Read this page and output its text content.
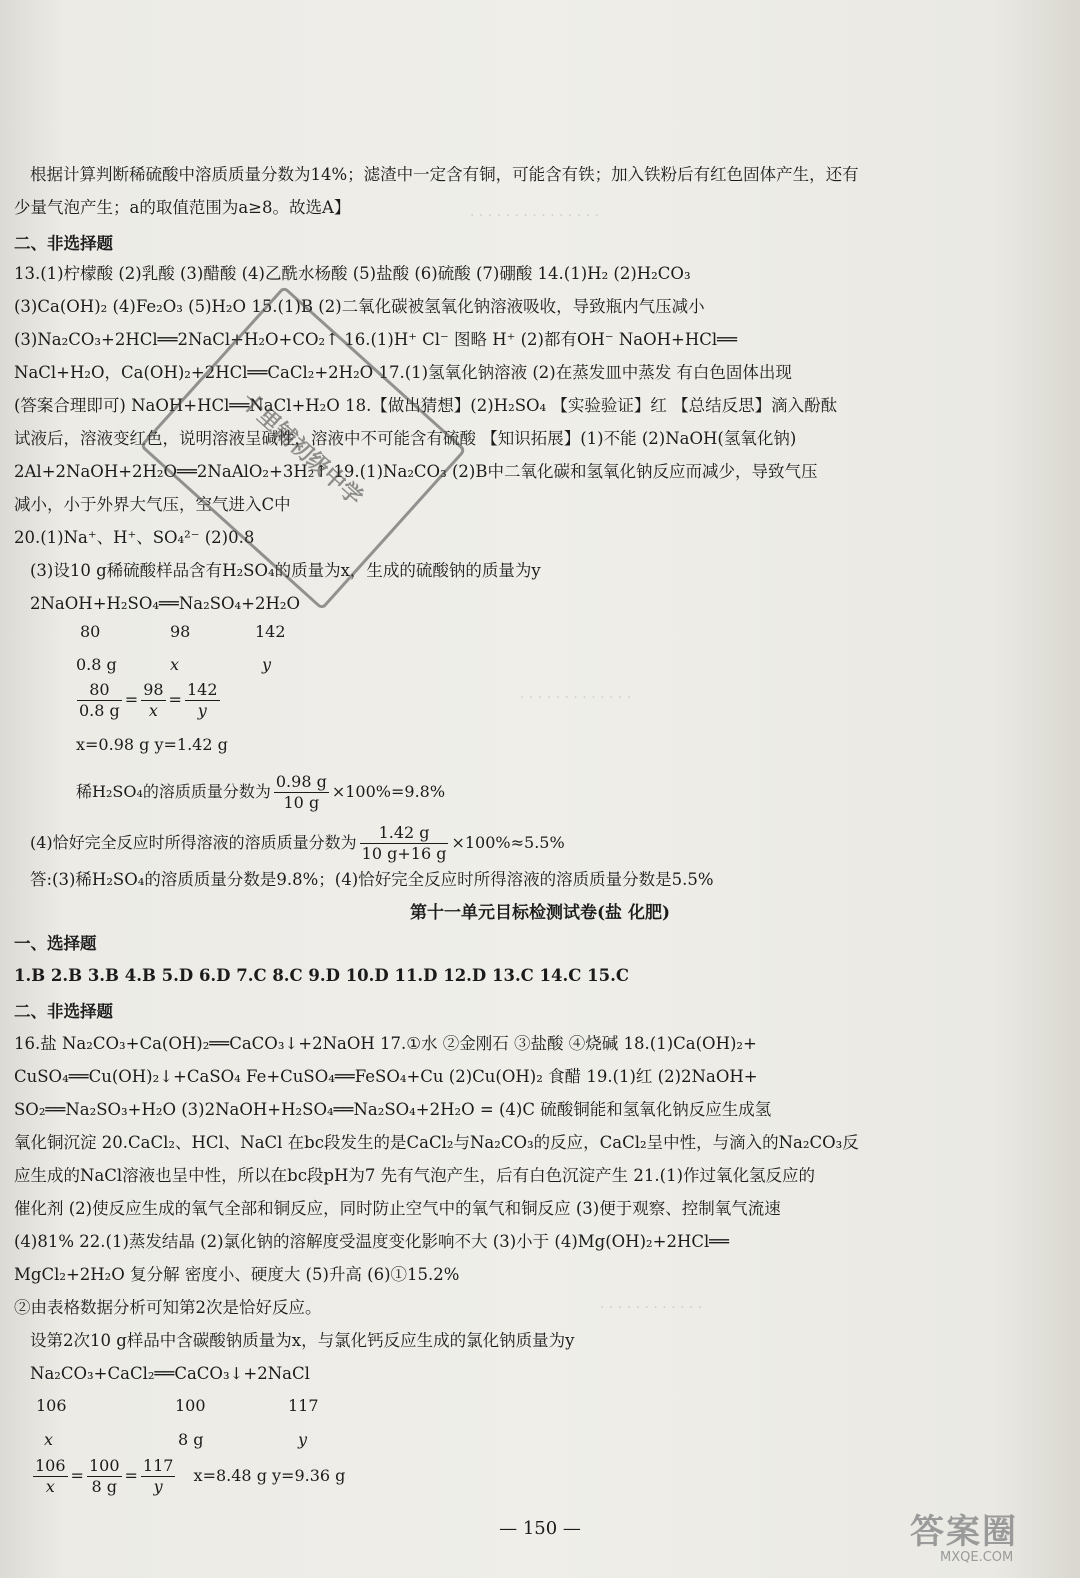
· · · · · · · · · · · · · · ·
· · · · · · · · · · · · ·
· · · · · · · · · · · ·
根据计算判断稀硫酸中溶质质量分数为14%；滤渣中一定含有铜，可能含有铁；加入铁粉后有红色固体产生，还有
少量气泡产生；a的取值范围为a≥8。故选A】
二、非选择题
13.(1)柠檬酸 (2)乳酸 (3)醋酸 (4)乙酰水杨酸 (5)盐酸 (6)硫酸 (7)硼酸 14.(1)H₂ (2)H₂CO₃
(3)Ca(OH)₂ (4)Fe₂O₃ (5)H₂O 15.(1)B (2)二氧化碳被氢氧化钠溶液吸收，导致瓶内气压减小
(3)Na₂CO₃+2HCl══2NaCl+H₂O+CO₂↑ 16.(1)H⁺ Cl⁻ 图略 H⁺ (2)都有OH⁻ NaOH+HCl══
NaCl+H₂O，Ca(OH)₂+2HCl══CaCl₂+2H₂O 17.(1)氢氧化钠溶液 (2)在蒸发皿中蒸发 有白色固体出现
(答案合理即可) NaOH+HCl══NaCl+H₂O 18.【做出猜想】(2)H₂SO₄ 【实验验证】红 【总结反思】滴入酚酞
试液后，溶液变红色，说明溶液呈碱性，溶液中不可能含有硫酸 【知识拓展】(1)不能 (2)NaOH(氢氧化钠)
2Al+2NaOH+2H₂O══2NaAlO₂+3H₂↑ 19.(1)Na₂CO₃ (2)B中二氧化碳和氢氧化钠反应而减少，导致气压
减小，小于外界大气压，空气进入C中
20.(1)Na⁺、H⁺、SO₄²⁻ (2)0.8
(3)设10 g稀硫酸样品含有H₂SO₄的质量为x，生成的硫酸钠的质量为y
2NaOH+H₂SO₄══Na₂SO₄+2H₂O
80	98	142
0.8 g	x	y
$\frac{80}{0.8 g} = \frac{98}{x} = \frac{142}{y}$
x=0.98 g y=1.42 g
稀H₂SO₄的溶质质量分数为 $\frac{0.98 g}{10 g} \times 100\%=9.8\%$
(4)恰好完全反应时所得溶液的溶质质量分数为 $\frac{1.42 g}{10 g+16 g} \times 100\%\approx 5.5\%$
答:(3)稀H₂SO₄的溶质质量分数是9.8%；(4)恰好完全反应时所得溶液的溶质质量分数是5.5%
第十一单元目标检测试卷(盐 化肥)
一、选择题
1.B 2.B 3.B 4.B 5.D 6.D 7.C 8.C 9.D 10.D 11.D 12.D 13.C 14.C 15.C
二、非选择题
16.盐 Na₂CO₃+Ca(OH)₂══CaCO₃↓+2NaOH 17.①水 ②金刚石 ③盐酸 ④烧碱 18.(1)Ca(OH)₂+
CuSO₄══Cu(OH)₂↓+CaSO₄ Fe+CuSO₄══FeSO₄+Cu (2)Cu(OH)₂ 食醋 19.(1)红 (2)2NaOH+
SO₂══Na₂SO₃+H₂O (3)2NaOH+H₂SO₄══Na₂SO₄+2H₂O = (4)C 硫酸铜能和氢氧化钠反应生成氢
氧化铜沉淀 20.CaCl₂、HCl、NaCl 在bc段发生的是CaCl₂与Na₂CO₃的反应，CaCl₂呈中性，与滴入的Na₂CO₃反
应生成的NaCl溶液也呈中性，所以在bc段pH为7 先有气泡产生，后有白色沉淀产生 21.(1)作过氧化氢反应的
催化剂 (2)使反应生成的氧气全部和铜反应，同时防止空气中的氧气和铜反应 (3)便于观察、控制氧气流速
(4)81% 22.(1)蒸发结晶 (2)氯化钠的溶解度受温度变化影响不大 (3)小于 (4)Mg(OH)₂+2HCl══
MgCl₂+2H₂O 复分解 密度小、硬度大 (5)升高 (6)①15.2%
②由表格数据分析可知第2次是恰好反应。
设第2次10 g样品中含碳酸钠质量为x，与氯化钙反应生成的氯化钠质量为y
Na₂CO₃+CaCl₂══CaCO₃↓+2NaCl
106	100	117
x	8 g	y
$\frac{106}{x} = \frac{100}{8 g} = \frac{117}{y} x=8.48$ g y=9.36 g
— 150 —
十里铺初级中学
答案圈
MXQE.COM
